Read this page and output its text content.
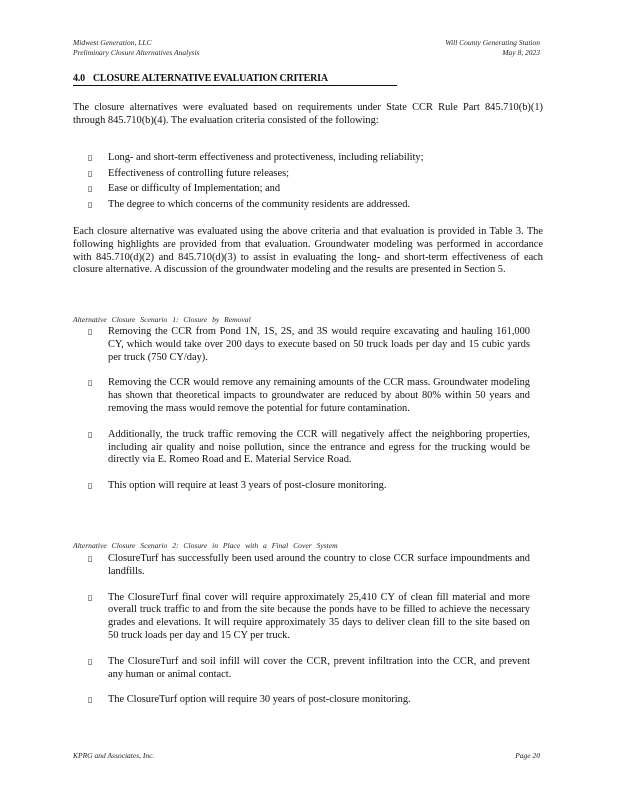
Midwest Generation, LLC
Preliminary Closure Alternatives Analysis
Will County Generating Station
May 8, 2023
4.0 CLOSURE ALTERNATIVE EVALUATION CRITERIA

The closure alternatives were evaluated based on requirements under State CCR Rule Part 845.710(b)(1) through 845.710(b)(4). The evaluation criteria consisted of the following:

▯ Long- and short-term effectiveness and protectiveness, including reliability;
▯ Effectiveness of controlling future releases;
▯ Ease or difficulty of Implementation; and
▯ The degree to which concerns of the community residents are addressed.

Each closure alternative was evaluated using the above criteria and that evaluation is provided in Table 3. The following highlights are provided from that evaluation. Groundwater modeling was performed in accordance with 845.710(d)(2) and 845.710(d)(3) to assist in evaluating the long- and short-term effectiveness of each closure alternative. A discussion of the groundwater modeling and the results are presented in Section 5.

Alternative Closure Scenario 1: Closure by Removal
▯ Removing the CCR from Pond 1N, 1S, 2S, and 3S would require excavating and hauling 161,000 CY, which would take over 200 days to execute based on 50 truck loads per day and 15 cubic yards per truck (750 CY/day).
▯ Removing the CCR would remove any remaining amounts of the CCR mass. Groundwater modeling has shown that theoretical impacts to groundwater are reduced by about 80% within 50 years and removing the mass would remove the potential for future contamination.
▯ Additionally, the truck traffic removing the CCR will negatively affect the neighboring properties, including air quality and noise pollution, since the entrance and egress for the trucking would be directly via E. Romeo Road and E. Material Service Road.
▯ This option will require at least 3 years of post-closure monitoring.
Alternative Closure Scenario 2: Closure in Place with a Final Cover System
▯ ClosureTurf has successfully been used around the country to close CCR surface impoundments and landfills.
▯ The ClosureTurf final cover will require approximately 25,410 CY of clean fill material and more overall truck traffic to and from the site because the ponds have to be filled to achieve the necessary grades and elevations. It will require approximately 35 days to deliver clean fill to the site based on 50 truck loads per day and 15 CY per truck.
▯ The ClosureTurf and soil infill will cover the CCR, prevent infiltration into the CCR, and prevent any human or animal contact.
▯ The ClosureTurf option will require 30 years of post-closure monitoring.
KPRG and Associates, Inc.	Page 20
